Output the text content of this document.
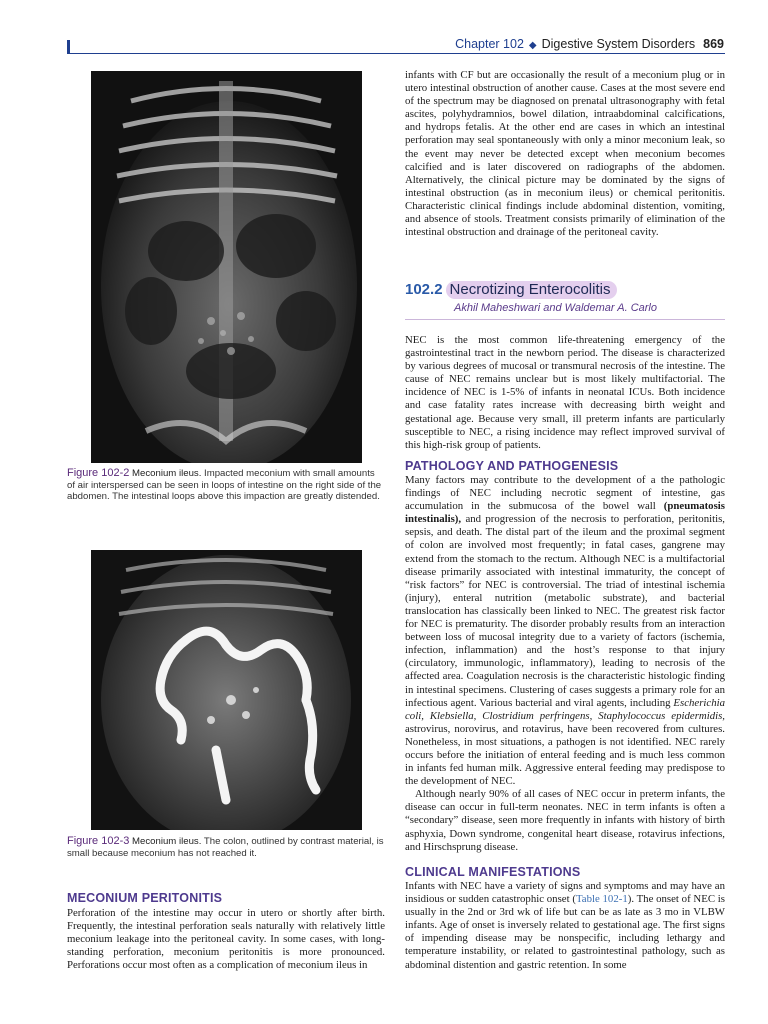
Chapter 102 ◆ Digestive System Disorders 869
Figure 102-2 Meconium ileus. Impacted meconium with small amounts of air interspersed can be seen in loops of intestine on the right side of the abdomen. The intestinal loops above this impaction are greatly distended.
Figure 102-3 Meconium ileus. The colon, outlined by contrast material, is small because meconium has not reached it.
MECONIUM PERITONITIS

Perforation of the intestine may occur in utero or shortly after birth. Frequently, the intestinal perforation seals naturally with relatively little meconium leakage into the peritoneal cavity. In some cases, with long-standing perforation, meconium peritonitis is more pronounced. Perforations occur most often as a complication of meconium ileus in

infants with CF but are occasionally the result of a meconium plug or in utero intestinal obstruction of another cause. Cases at the most severe end of the spectrum may be diagnosed on prenatal ultrasonography with fetal ascites, polyhydramnios, bowel dilation, intraabdominal calcifications, and hydrops fetalis. At the other end are cases in which an intestinal perforation may seal spontaneously with only a minor meconium leak, so the event may never be detected except when meconium becomes calcified and is later discovered on radiographs of the abdomen. Alternatively, the clinical picture may be dominated by the signs of intestinal obstruction (as in meconium ileus) or chemical peritonitis. Characteristic clinical findings include abdominal distention, vomiting, and absence of stools. Treatment consists primarily of elimination of the intestinal obstruction and drainage of the peritoneal cavity.

102.2 Necrotizing Enterocolitis
Akhil Maheshwari and Waldemar A. Carlo

NEC is the most common life-threatening emergency of the gastrointestinal tract in the newborn period. The disease is characterized by various degrees of mucosal or transmural necrosis of the intestine. The cause of NEC remains unclear but is most likely multifactorial. The incidence of NEC is 1-5% of infants in neonatal ICUs. Both incidence and case fatality rates increase with decreasing birth weight and gestational age. Because very small, ill preterm infants are particularly susceptible to NEC, a rising incidence may reflect improved survival of this high-risk group of patients.

PATHOLOGY AND PATHOGENESIS

Many factors may contribute to the development of a the pathologic findings of NEC including necrotic segment of intestine, gas accumulation in the submucosa of the bowel wall (pneumatosis intestinalis), and progression of the necrosis to perforation, peritonitis, sepsis, and death. The distal part of the ileum and the proximal segment of colon are involved most frequently; in fatal cases, gangrene may extend from the stomach to the rectum. Although NEC is a multifactorial disease primarily associated with intestinal immaturity, the concept of “risk factors” for NEC is controversial. The triad of intestinal ischemia (injury), enteral nutrition (metabolic substrate), and bacterial translocation has classically been linked to NEC. The greatest risk factor for NEC is prematurity. The disorder probably results from an interaction between loss of mucosal integrity due to a variety of factors (ischemia, infection, inflammation) and the host’s response to that injury (circulatory, immunologic, inflammatory), leading to necrosis of the affected area. Coagulation necrosis is the characteristic histologic finding in intestinal specimens. Clustering of cases suggests a primary role for an infectious agent. Various bacterial and viral agents, including Escherichia coli, Klebsiella, Clostridium perfringens, Staphylococcus epidermidis, astrovirus, norovirus, and rotavirus, have been recovered from cultures. Nonetheless, in most situations, a pathogen is not identified. NEC rarely occurs before the initiation of enteral feeding and is much less common in infants fed human milk. Aggressive enteral feeding may predispose to the development of NEC.

Although nearly 90% of all cases of NEC occur in preterm infants, the disease can occur in full-term neonates. NEC in term infants is often a “secondary” disease, seen more frequently in infants with history of birth asphyxia, Down syndrome, congenital heart disease, rotavirus infections, and Hirschsprung disease.

CLINICAL MANIFESTATIONS

Infants with NEC have a variety of signs and symptoms and may have an insidious or sudden catastrophic onset (Table 102-1). The onset of NEC is usually in the 2nd or 3rd wk of life but can be as late as 3 mo in VLBW infants. Age of onset is inversely related to gestational age. The first signs of impending disease may be nonspecific, including lethargy and temperature instability, or related to gastrointestinal pathology, such as abdominal distention and gastric retention. In some
